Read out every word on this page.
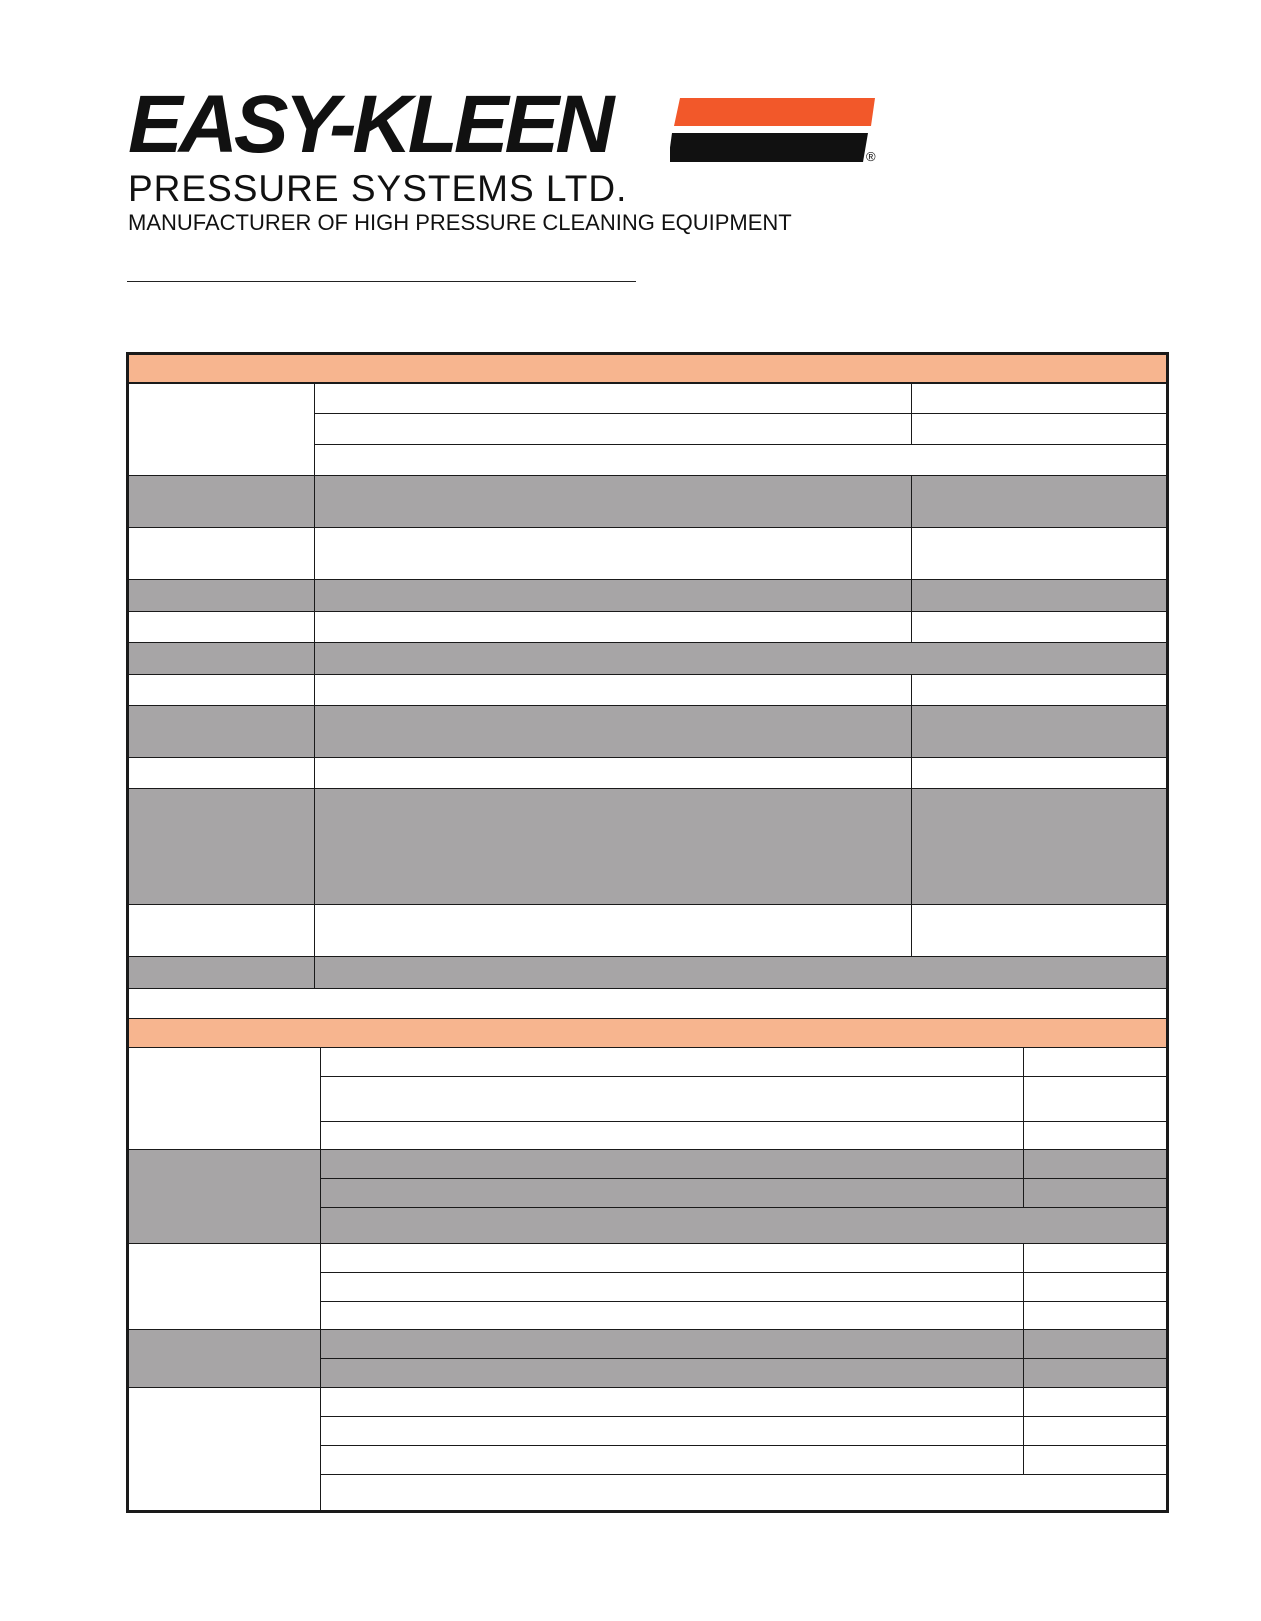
EASY-KLEEN	®
PRESSURE SYSTEMS LTD.
MANUFACTURER OF HIGH PRESSURE CLEANING EQUIPMENT
